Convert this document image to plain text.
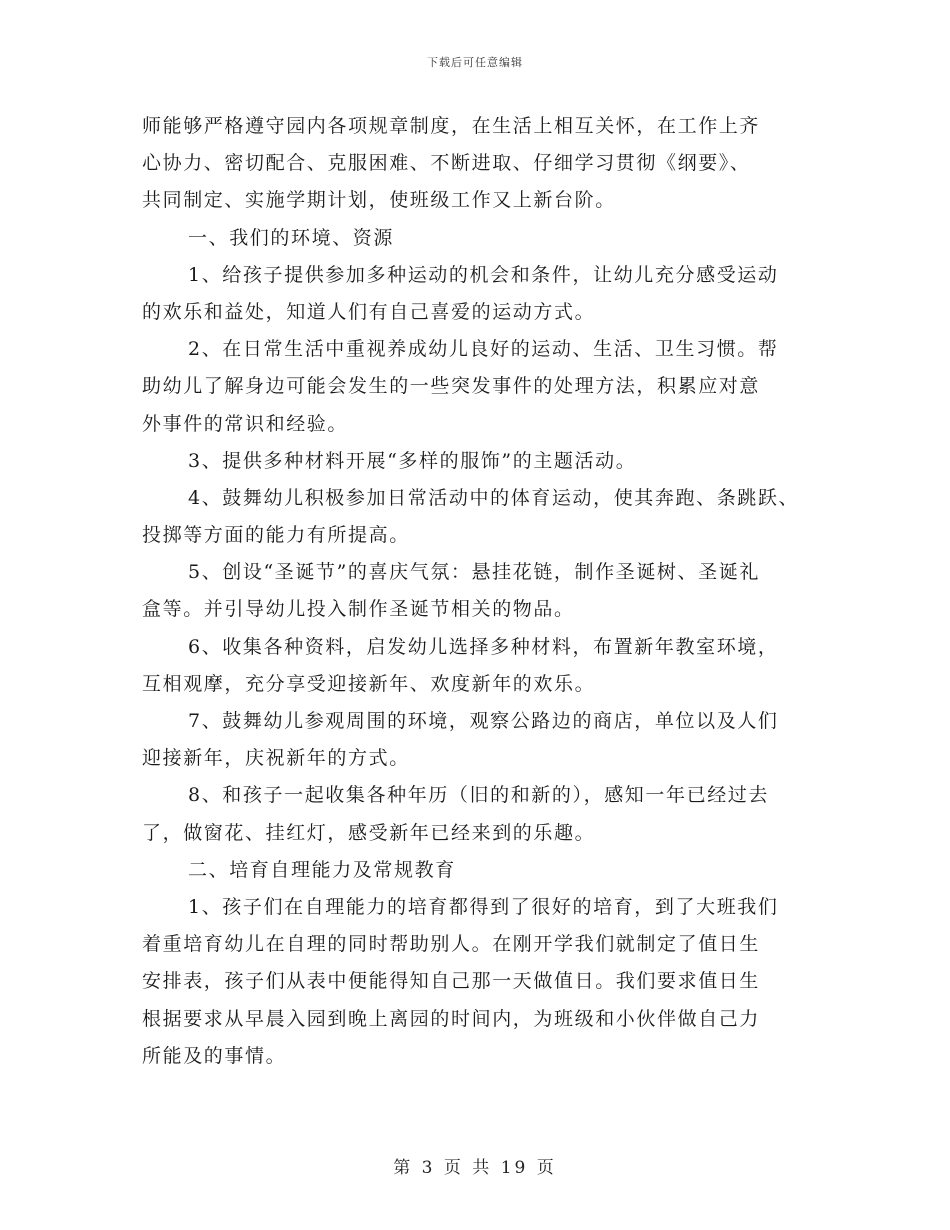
下载后可任意编辑
师能够严格遵守园内各项规章制度，在生活上相互关怀，在工作上齐
心协力、密切配合、克服困难、不断进取、仔细学习贯彻《纲要》、
共同制定、实施学期计划，使班级工作又上新台阶。
一、我们的环境、资源
1、给孩子提供参加多种运动的机会和条件，让幼儿充分感受运动
的欢乐和益处，知道人们有自己喜爱的运动方式。
2、在日常生活中重视养成幼儿良好的运动、生活、卫生习惯。帮
助幼儿了解身边可能会发生的一些突发事件的处理方法，积累应对意
外事件的常识和经验。
3、提供多种材料开展“多样的服饰”的主题活动。
4、鼓舞幼儿积极参加日常活动中的体育运动，使其奔跑、条跳跃、
投掷等方面的能力有所提高。
5、创设“圣诞节”的喜庆气氛：悬挂花链，制作圣诞树、圣诞礼
盒等。并引导幼儿投入制作圣诞节相关的物品。
6、收集各种资料，启发幼儿选择多种材料，布置新年教室环境，
互相观摩，充分享受迎接新年、欢度新年的欢乐。
7、鼓舞幼儿参观周围的环境，观察公路边的商店，单位以及人们
迎接新年，庆祝新年的方式。
8、和孩子一起收集各种年历（旧的和新的），感知一年已经过去
了，做窗花、挂红灯，感受新年已经来到的乐趣。
二、培育自理能力及常规教育
1、孩子们在自理能力的培育都得到了很好的培育，到了大班我们
着重培育幼儿在自理的同时帮助别人。在刚开学我们就制定了值日生
安排表，孩子们从表中便能得知自己那一天做值日。我们要求值日生
根据要求从早晨入园到晚上离园的时间内，为班级和小伙伴做自己力
所能及的事情。
第 3 页 共 19 页
